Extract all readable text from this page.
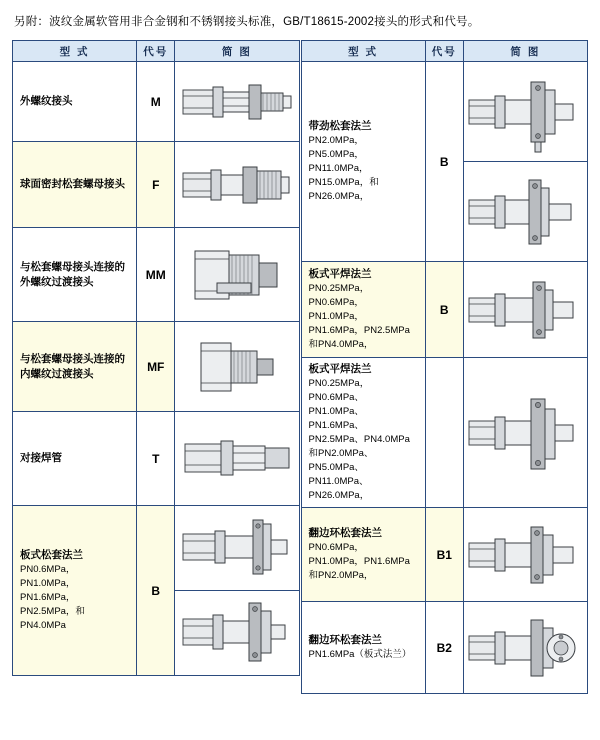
另附：波纹金属软管用非合金钢和不锈钢接头标准，GB/T18615-2002接头的形式和代号。
型 式	代号	简 图
外螺纹接头	M	

球面密封松套螺母接头	F	

与松套螺母接头连接的外螺纹过渡接头	MM	

与松套螺母接头连接的内螺纹过渡接头	MF	

对接焊管	T	

板式松套法兰
PN0.6MPa，PN1.0MPa，PN1.6MPa，PN2.5MPa，和PN4.0MPa	B	
型 式	代号	简 图

带劲松套法兰
PN2.0MPa，PN5.0MPa，PN11.0MPa，PN15.0MPa，和PN26.0MPa，	B	

板式平焊法兰
PN0.25MPa，PN0.6MPa，PN1.0MPa，PN1.6MPa，PN2.5MPa和PN4.0MPa，	B	

板式平焊法兰
PN0.25MPa，PN0.6MPa、PN1.0MPa、PN1.6MPa、PN2.5MPa、PN4.0MPa 和PN2.0MPa、PN5.0MPa、PN11.0MPa、PN26.0MPa，

翻边环松套法兰
PN0.6MPa，PN1.0MPa，PN1.6MPa和PN2.0MPa，	B1	

翻边环松套法兰
PN1.6MPa（板式法兰）	B2	
